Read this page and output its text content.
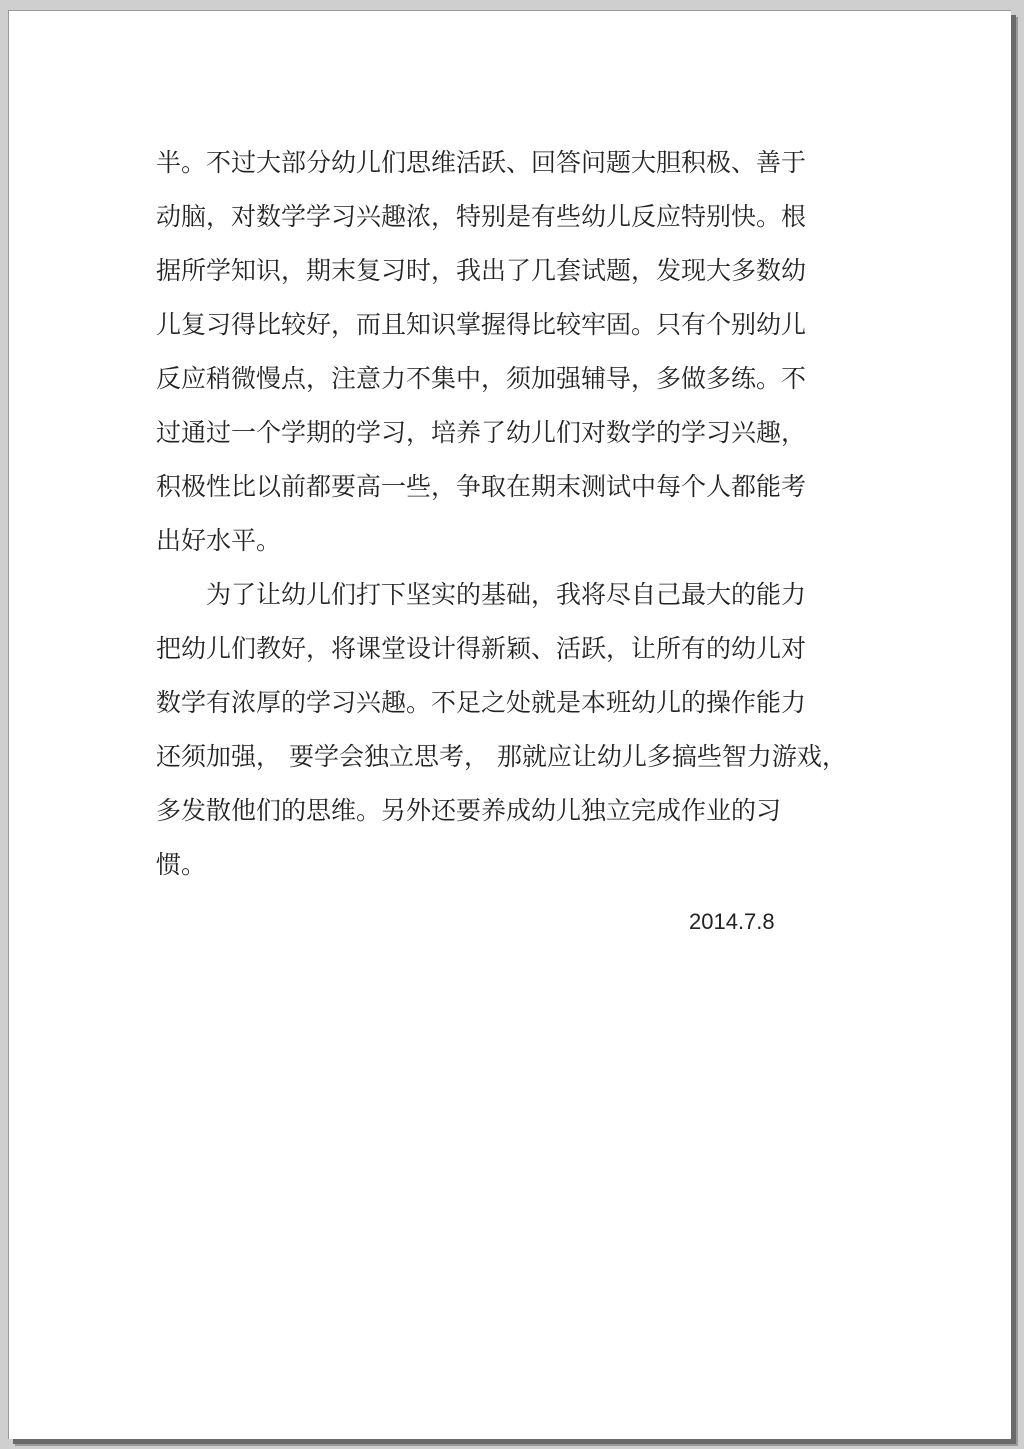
半。不过大部分幼儿们思维活跃、回答问题大胆积极、善于
动脑，对数学学习兴趣浓，特别是有些幼儿反应特别快。根
据所学知识，期末复习时，我出了几套试题，发现大多数幼
儿复习得比较好，而且知识掌握得比较牢固。只有个别幼儿
反应稍微慢点，注意力不集中，须加强辅导，多做多练。不
过通过一个学期的学习，培养了幼儿们对数学的学习兴趣，
积极性比以前都要高一些，争取在期末测试中每个人都能考
出好水平。
　　为了让幼儿们打下坚实的基础，我将尽自己最大的能力
把幼儿们教好，将课堂设计得新颖、活跃，让所有的幼儿对
数学有浓厚的学习兴趣。不足之处就是本班幼儿的操作能力
还须加强， 要学会独立思考， 那就应让幼儿多搞些智力游戏，
多发散他们的思维。另外还要养成幼儿独立完成作业的习
惯。
2014.7.8
